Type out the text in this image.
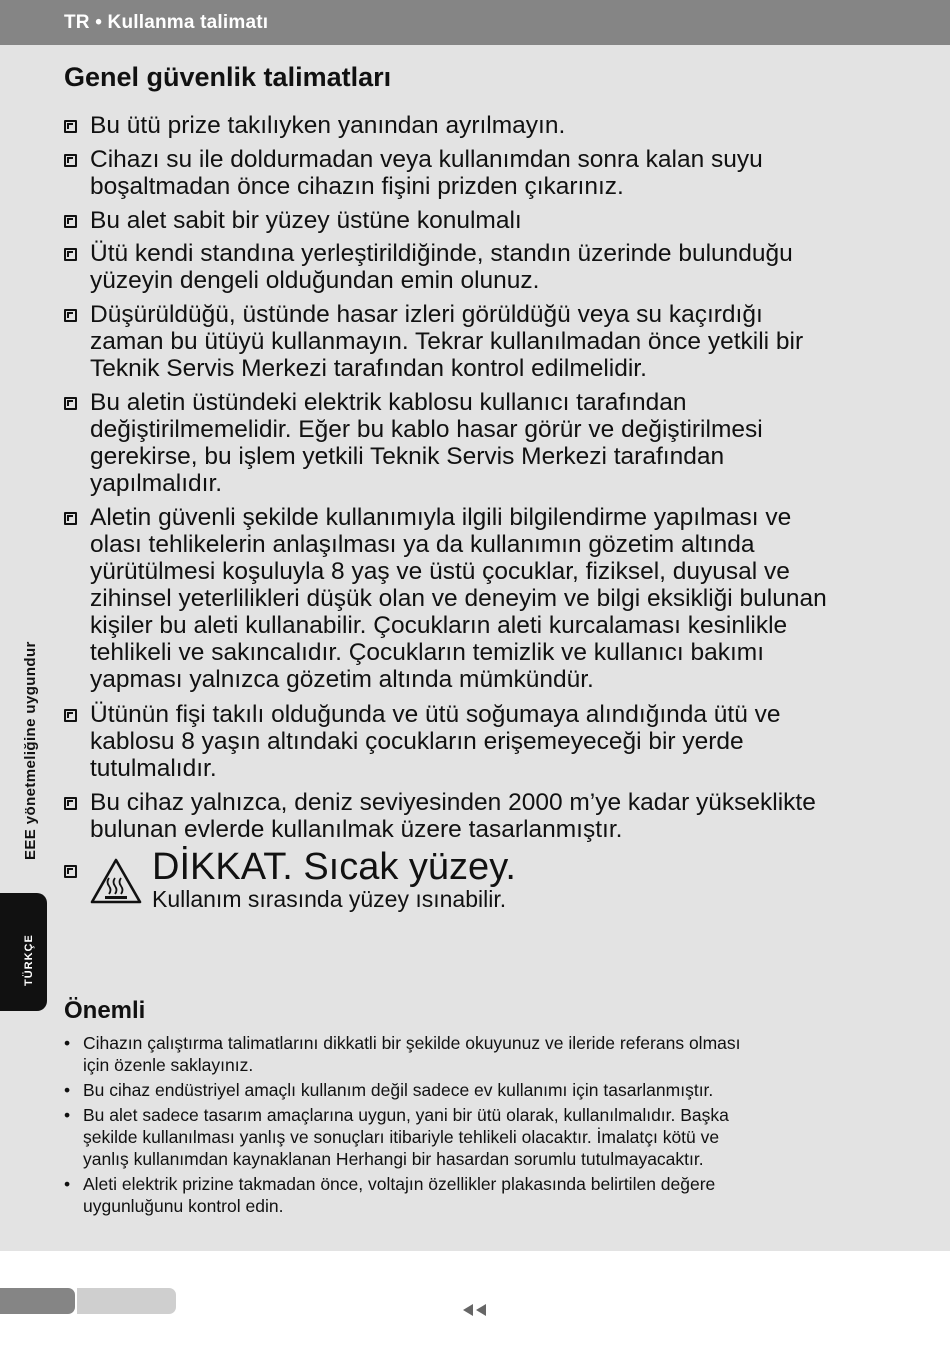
TR • Kullanma talimatı
EEE yönetmeliğine uygundur
TÜRKÇE
Genel güvenlik talimatları
Bu ütü prize takılıyken yanından ayrılmayın.
Cihazı su ile doldurmadan veya kullanımdan sonra kalan suyu
boşaltmadan önce cihazın fişini prizden çıkarınız.
Bu alet sabit bir yüzey üstüne konulmalı
Ütü kendi standına yerleştirildiğinde, standın üzerinde bulunduğu
yüzeyin dengeli olduğundan emin olunuz.
Düşürüldüğü, üstünde hasar izleri görüldüğü veya su kaçırdığı
zaman bu ütüyü kullanmayın. Tekrar kullanılmadan önce yetkili bir
Teknik Servis Merkezi tarafından kontrol edilmelidir.
Bu aletin üstündeki elektrik kablosu kullanıcı tarafından
değiştirilmemelidir. Eğer bu kablo hasar görür ve değiştirilmesi
gerekirse, bu işlem yetkili Teknik Servis Merkezi tarafından
yapılmalıdır.
Aletin güvenli şekilde kullanımıyla ilgili bilgilendirme yapılması ve
olası tehlikelerin anlaşılması ya da kullanımın gözetim altında
yürütülmesi koşuluyla 8 yaş ve üstü çocuklar, fiziksel, duyusal ve
zihinsel yeterlilikleri düşük olan ve deneyim ve bilgi eksikliği bulunan
kişiler bu aleti kullanabilir. Çocukların aleti kurcalaması kesinlikle
tehlikeli ve sakıncalıdır. Çocukların temizlik ve kullanıcı bakımı
yapması yalnızca gözetim altında mümkündür.
Ütünün fişi takılı olduğunda ve ütü soğumaya alındığında ütü ve
kablosu 8 yaşın altındaki çocukların erişemeyeceği bir yerde
tutulmalıdır.
Bu cihaz yalnızca, deniz seviyesinden 2000 m’ye kadar yükseklikte
bulunan evlerde kullanılmak üzere tasarlanmıştır.
DİKKAT. Sıcak yüzey.
Kullanım sırasında yüzey ısınabilir.
Önemli
• Cihazın çalıştırma talimatlarını dikkatli bir şekilde okuyunuz ve ileride referans olması
için özenle saklayınız.
• Bu cihaz endüstriyel amaçlı kullanım değil sadece ev kullanımı için tasarlanmıştır.
• Bu alet sadece tasarım amaçlarına uygun, yani bir ütü olarak, kullanılmalıdır. Başka
şekilde kullanılması yanlış ve sonuçları itibariyle tehlikeli olacaktır. İmalatçı kötü ve
yanlış kullanımdan kaynaklanan Herhangi bir hasardan sorumlu tutulmayacaktır.
• Aleti elektrik prizine takmadan önce, voltajın özellikler plakasında belirtilen değere
uygunluğunu kontrol edin.
